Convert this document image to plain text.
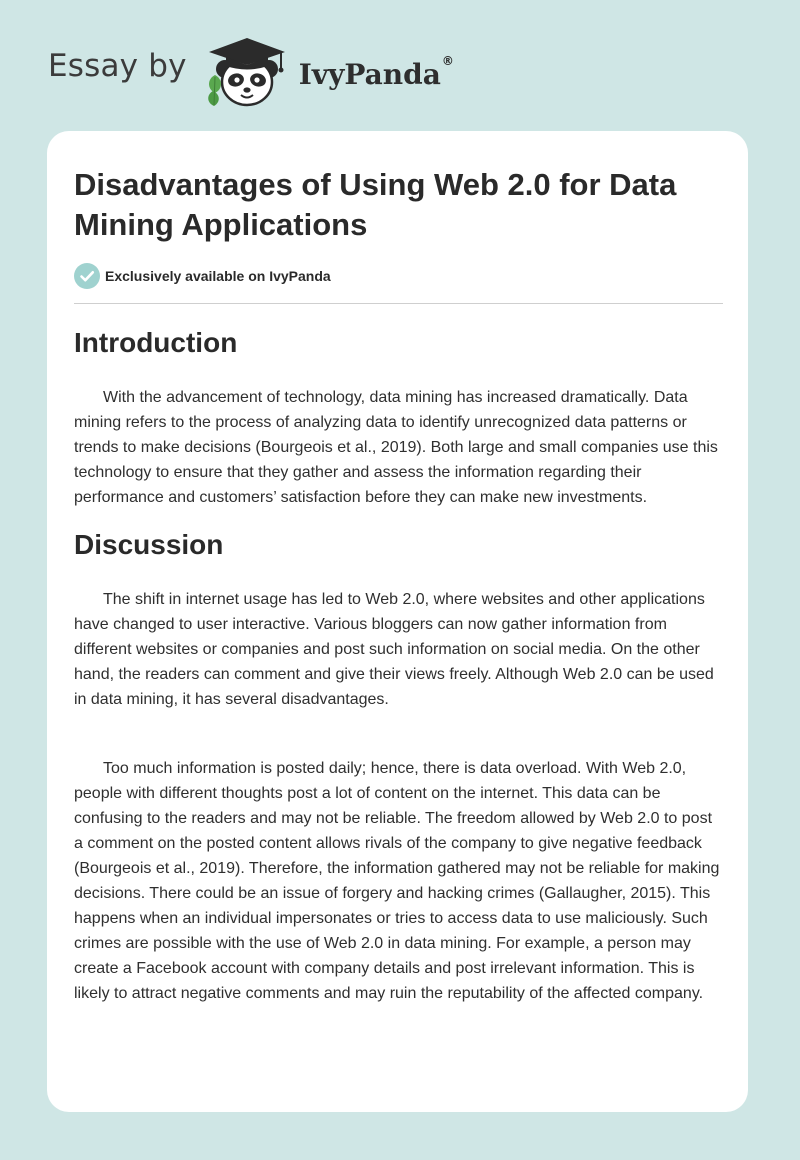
Essay by	IvyPanda®
Disadvantages of Using Web 2.0 for Data Mining Applications
Exclusively available on IvyPanda
Introduction

With the advancement of technology, data mining has increased dramatically. Data mining refers to the process of analyzing data to identify unrecognized data patterns or trends to make decisions (Bourgeois et al., 2019). Both large and small companies use this technology to ensure that they gather and assess the information regarding their performance and customers’ satisfaction before they can make new investments.

Discussion

The shift in internet usage has led to Web 2.0, where websites and other applications have changed to user interactive. Various bloggers can now gather information from different websites or companies and post such information on social media. On the other hand, the readers can comment and give their views freely. Although Web 2.0 can be used in data mining, it has several disadvantages.

Too much information is posted daily; hence, there is data overload. With Web 2.0, people with different thoughts post a lot of content on the internet. This data can be confusing to the readers and may not be reliable. The freedom allowed by Web 2.0 to post a comment on the posted content allows rivals of the company to give negative feedback (Bourgeois et al., 2019). Therefore, the information gathered may not be reliable for making decisions. There could be an issue of forgery and hacking crimes (Gallaugher, 2015). This happens when an individual impersonates or tries to access data to use maliciously. Such crimes are possible with the use of Web 2.0 in data mining. For example, a person may create a Facebook account with company details and post irrelevant information. This is likely to attract negative comments and may ruin the reputability of the affected company.
